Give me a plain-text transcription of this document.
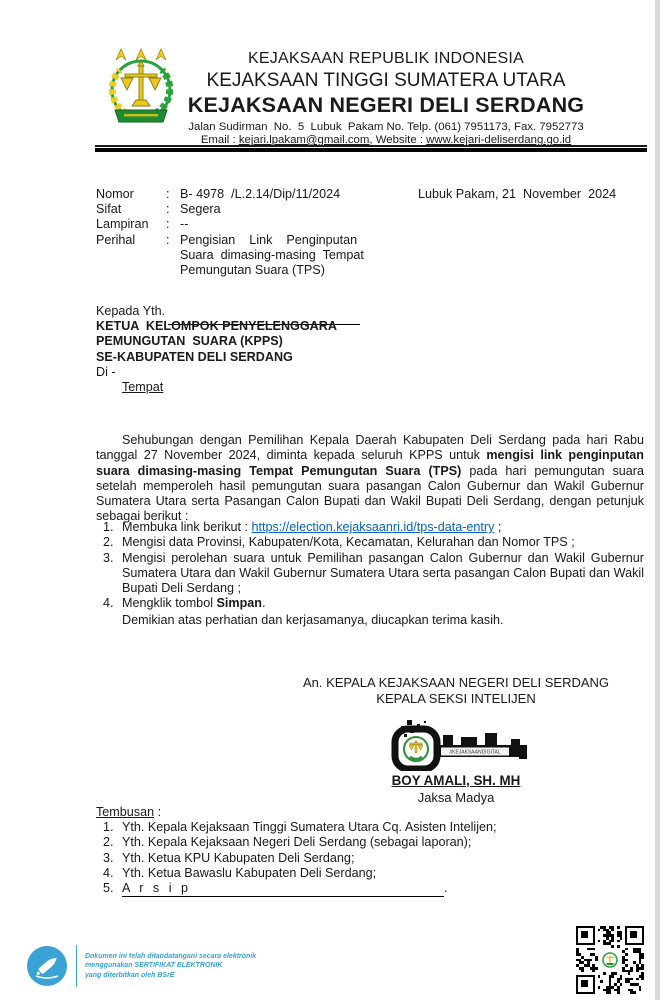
KEJAKSAAN REPUBLIK INDONESIA
KEJAKSAAN TINGGI SUMATERA UTARA
KEJAKSAAN NEGERI DELI SERDANG
Jalan Sudirman  No.  5  Lubuk  Pakam No. Telp. (061) 7951173, Fax. 7952773
Email : kejari.lpakam@gmail.com, Website : www.kejari-deliserdang.go.id
Nomor	: B- 4978  /L.2.14/Dip/11/2024
Sifat	: Segera
Lampiran	: --
Perihal	: Pengisian    Link    Penginputan
Suara  dimasing-masing  Tempat
Pemungutan Suara (TPS)
Lubuk Pakam, 21  November  2024
Kepada Yth.
KETUA  KELOMPOK PENYELENGGARA
PEMUNGUTAN  SUARA (KPPS)
SE-KABUPATEN DELI SERDANG
Di -
Tempat
Sehubungan dengan Pemilihan Kepala Daerah Kabupaten Deli Serdang pada hari Rabu tanggal 27 November 2024, diminta kepada seluruh KPPS untuk mengisi link penginputan suara dimasing-masing Tempat Pemungutan Suara (TPS) pada hari pemungutan suara setelah memperoleh hasil pemungutan suara pasangan Calon Gubernur dan Wakil Gubernur Sumatera Utara serta Pasangan Calon Bupati dan Wakil Bupati Deli Serdang, dengan petunjuk sebagai berikut :
1. Membuka link berikut : https://election.kejaksaanri.id/tps-data-entry ;
2. Mengisi data Provinsi, Kabupaten/Kota, Kecamatan, Kelurahan dan Nomor TPS ;
3. Mengisi perolehan suara untuk Pemilihan pasangan Calon Gubernur dan Wakil Gubernur Sumatera Utara dan Wakil Gubernur Sumatera Utara serta pasangan Calon Bupati dan Wakil Bupati Deli Serdang ;
4. Mengklik tombol Simpan.
Demikian atas perhatian dan kerjasamanya, diucapkan terima kasih.
An. KEPALA KEJAKSAAN NEGERI DELI SERDANG
KEPALA SEKSI INTELIJEN
#KEJAKSAANDIGITAL
BOY AMALI, SH. MH
Jaksa Madya
Tembusan :
1. Yth. Kepala Kejaksaan Tinggi Sumatera Utara Cq. Asisten Intelijen;
2. Yth. Kepala Kejaksaan Negeri Deli Serdang (sebagai laporan);
3. Yth. Ketua KPU Kabupaten Deli Serdang;
4. Yth. Ketua Bawaslu Kabupaten Deli Serdang;
5. A r s i p	.
Dokumen ini telah ditandatangani secara elektronik
menggunakan SERTIFIKAT ELEKTRONIK
yang diterbitkan oleh BSrE
